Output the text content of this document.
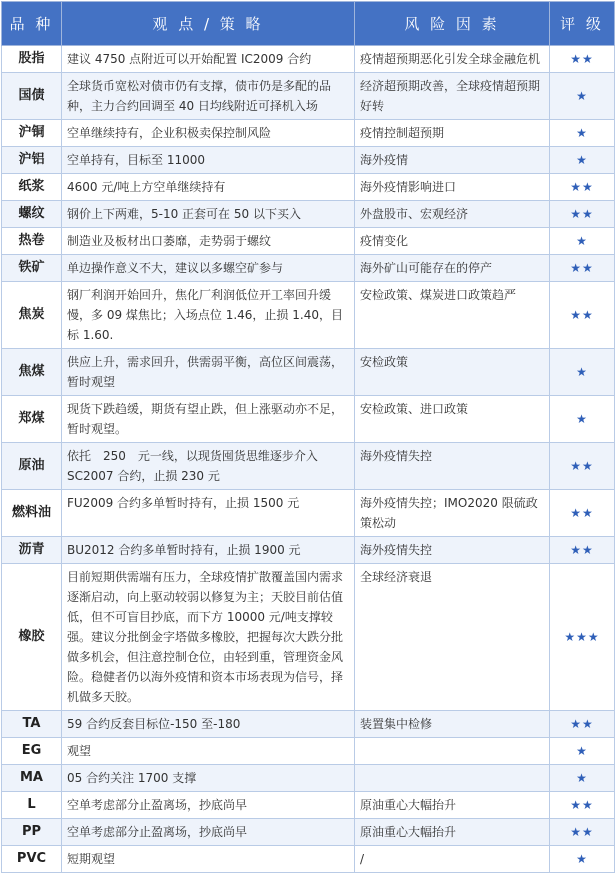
品 种	观 点 / 策 略	风 险 因 素	评 级
股指	建议 4750 点附近可以开始配置 IC2009 合约	疫情超预期恶化引发全球金融危机	★★
国债	全球货币宽松对债市仍有支撑，债市仍是多配的品种，主力合约回调至 40 日均线附近可择机入场	经济超预期改善，全球疫情超预期好转	★
沪铜	空单继续持有，企业积极卖保控制风险	疫情控制超预期	★
沪铝	空单持有，目标至 11000	海外疫情	★
纸浆	4600 元/吨上方空单继续持有	海外疫情影响进口	★★
螺纹	钢价上下两难，5-10 正套可在 50 以下买入	外盘股市、宏观经济	★★
热卷	制造业及板材出口萎靡，走势弱于螺纹	疫情变化	★
铁矿	单边操作意义不大，建议以多螺空矿参与	海外矿山可能存在的停产	★★
焦炭	钢厂利润开始回升，焦化厂利润低位开工率回升缓慢，多 09 煤焦比；入场点位 1.46，止损 1.40，目标 1.60.	安检政策、煤炭进口政策趋严	★★
焦煤	供应上升，需求回升，供需弱平衡，高位区间震荡，暂时观望	安检政策	★
郑煤	现货下跌趋缓，期货有望止跌，但上涨驱动亦不足，暂时观望。	安检政策、进口政策	★
原油	依托　250　元一线，以现货囤货思维逐步介入 SC2007 合约，止损 230 元	海外疫情失控	★★
燃料油	FU2009 合约多单暂时持有，止损 1500 元	海外疫情失控；IMO2020 限硫政策松动	★★
沥青	BU2012 合约多单暂时持有，止损 1900 元	海外疫情失控	★★
橡胶	目前短期供需端有压力，全球疫情扩散覆盖国内需求逐渐启动，向上驱动较弱以修复为主；天胶目前估值低，但不可盲目抄底，而下方 10000 元/吨支撑较强。建议分批倒金字塔做多橡胶，把握每次大跌分批做多机会，但注意控制仓位，由轻到重，管理资金风险。稳健者仍以海外疫情和资本市场表现为信号，择机做多天胶。	全球经济衰退	★★★
TA	59 合约反套目标位-150 至-180	装置集中检修	★★
EG	观望		★
MA	05 合约关注 1700 支撑		★
L	空单考虑部分止盈离场，抄底尚早	原油重心大幅抬升	★★
PP	空单考虑部分止盈离场，抄底尚早	原油重心大幅抬升	★★
PVC	短期观望	/	★
